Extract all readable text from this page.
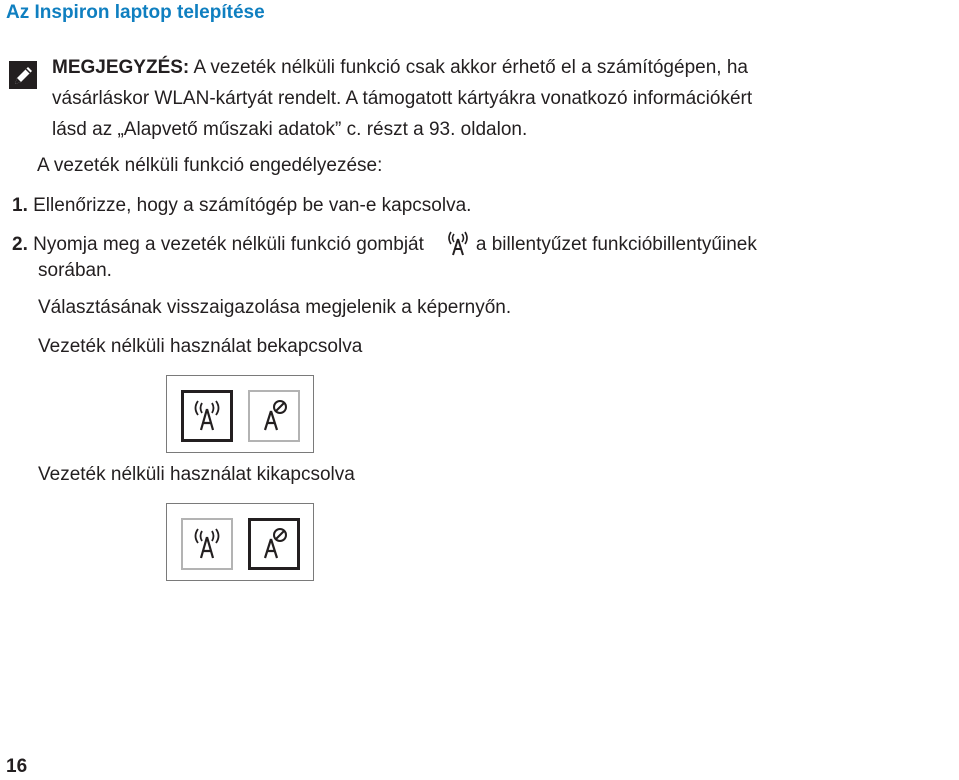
Az Inspiron laptop telepítése
MEGJEGYZÉS: A vezeték nélküli funkció csak akkor érhető el a számítógépen, ha
vásárláskor WLAN-kártyát rendelt. A támogatott kártyákra vonatkozó információkért
lásd az „Alapvető műszaki adatok” c. részt a 93. oldalon.
A vezeték nélküli funkció engedélyezése:
1. Ellenőrizze, hogy a számítógép be van-e kapcsolva.
2. Nyomja meg a vezeték nélküli funkció gombját	a billentyűzet funkcióbillentyűinek
sorában.
Választásának visszaigazolása megjelenik a képernyőn.
Vezeték nélküli használat bekapcsolva
Vezeték nélküli használat kikapcsolva
16
